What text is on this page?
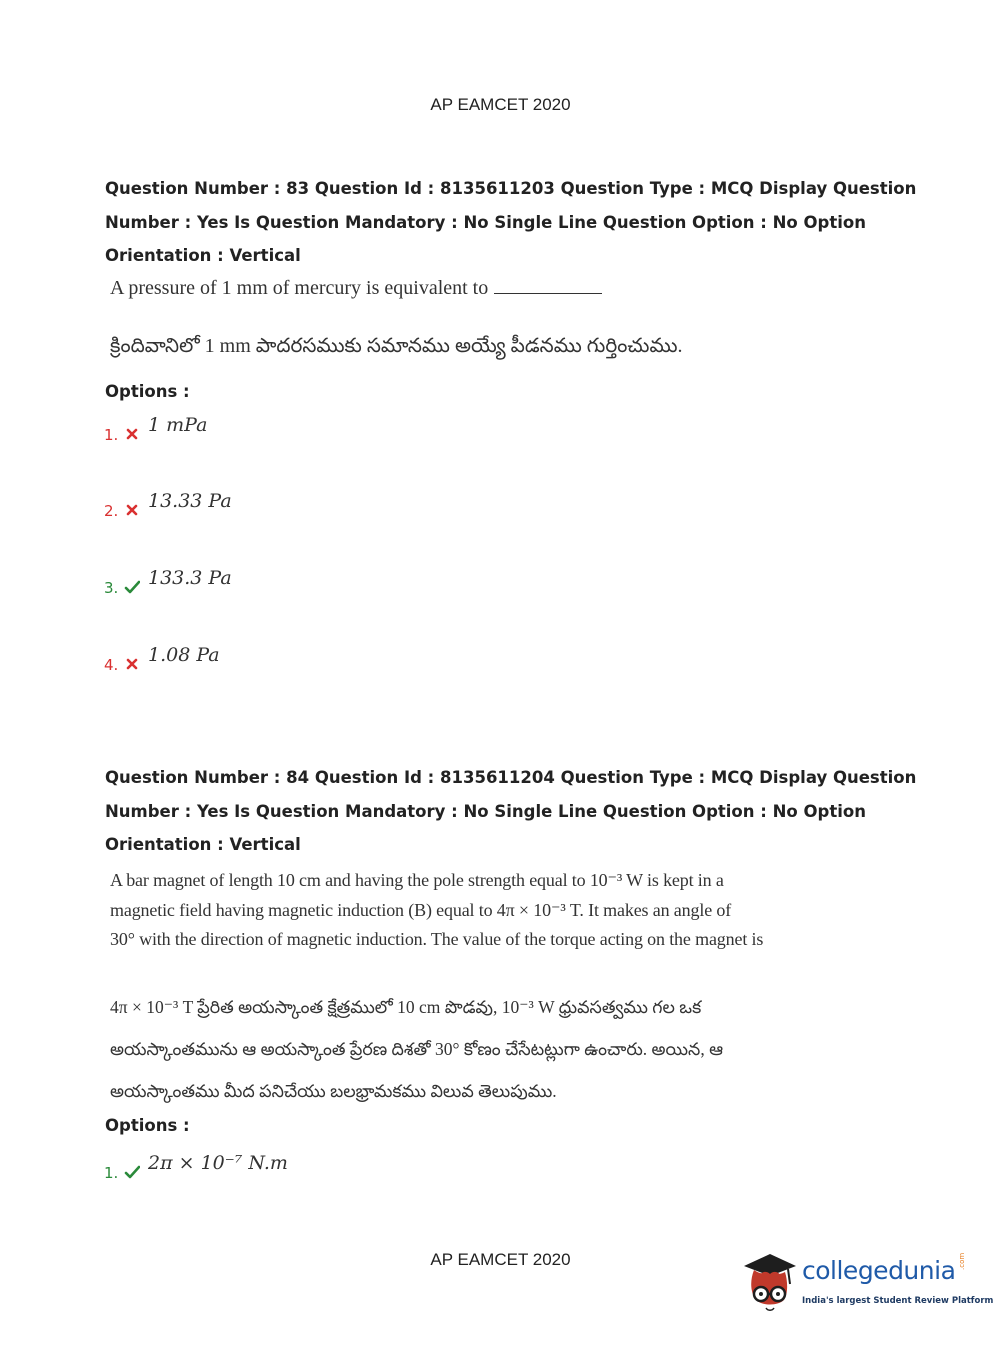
AP EAMCET 2020
Question Number : 83 Question Id : 8135611203 Question Type : MCQ Display Question
Number : Yes Is Question Mandatory : No Single Line Question Option : No Option
Orientation : Vertical
A pressure of 1 mm of mercury is equivalent to
క్రిందివానిలో 1 mm పాదరసముకు సమానము అయ్యే పీడనము గుర్తించుము.
Options :
1. 1 mPa
2. 13.33 Pa
3. 133.3 Pa
4. 1.08 Pa
Question Number : 84 Question Id : 8135611204 Question Type : MCQ Display Question
Number : Yes Is Question Mandatory : No Single Line Question Option : No Option
Orientation : Vertical
A bar magnet of length 10 cm and having the pole strength equal to 10⁻³ W is kept in a
magnetic field having magnetic induction (B) equal to 4π × 10⁻³ T. It makes an angle of
30° with the direction of magnetic induction. The value of the torque acting on the magnet is
4π × 10⁻³ T ప్రేరిత అయస్కాంత క్షేత్రములో 10 cm పొడవు, 10⁻³ W ధ్రువసత్వము గల ఒక
అయస్కాంతమును ఆ అయస్కాంత ప్రేరణ దిశతో 30° కోణం చేసేటట్లుగా ఉంచారు. అయిన, ఆ
అయస్కాంతము మీద పనిచేయు బలభ్రామకము విలువ తెలుపుము.
Options :
1. 2π × 10⁻⁷ N.m
AP EAMCET 2020	collegedunia .com
India's largest Student Review Platform
